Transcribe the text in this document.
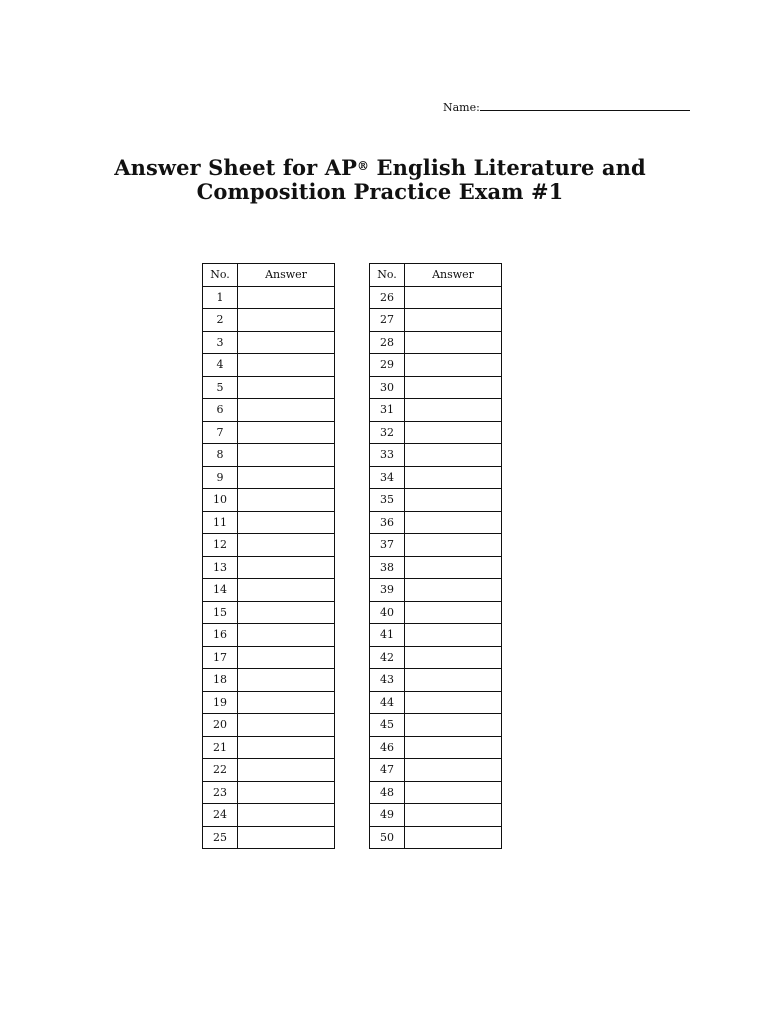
Name:
Answer Sheet for AP® English Literature and
Composition Practice Exam #1
No.	Answer
1	
2	
3	
4	
5	
6	
7	
8	
9	
10	
11	
12	
13	
14	
15	
16	
17	
18	
19	
20	
21	
22	
23	
24	
25	
No.	Answer
26	
27	
28	
29	
30	
31	
32	
33	
34	
35	
36	
37	
38	
39	
40	
41	
42	
43	
44	
45	
46	
47	
48	
49	
50	
